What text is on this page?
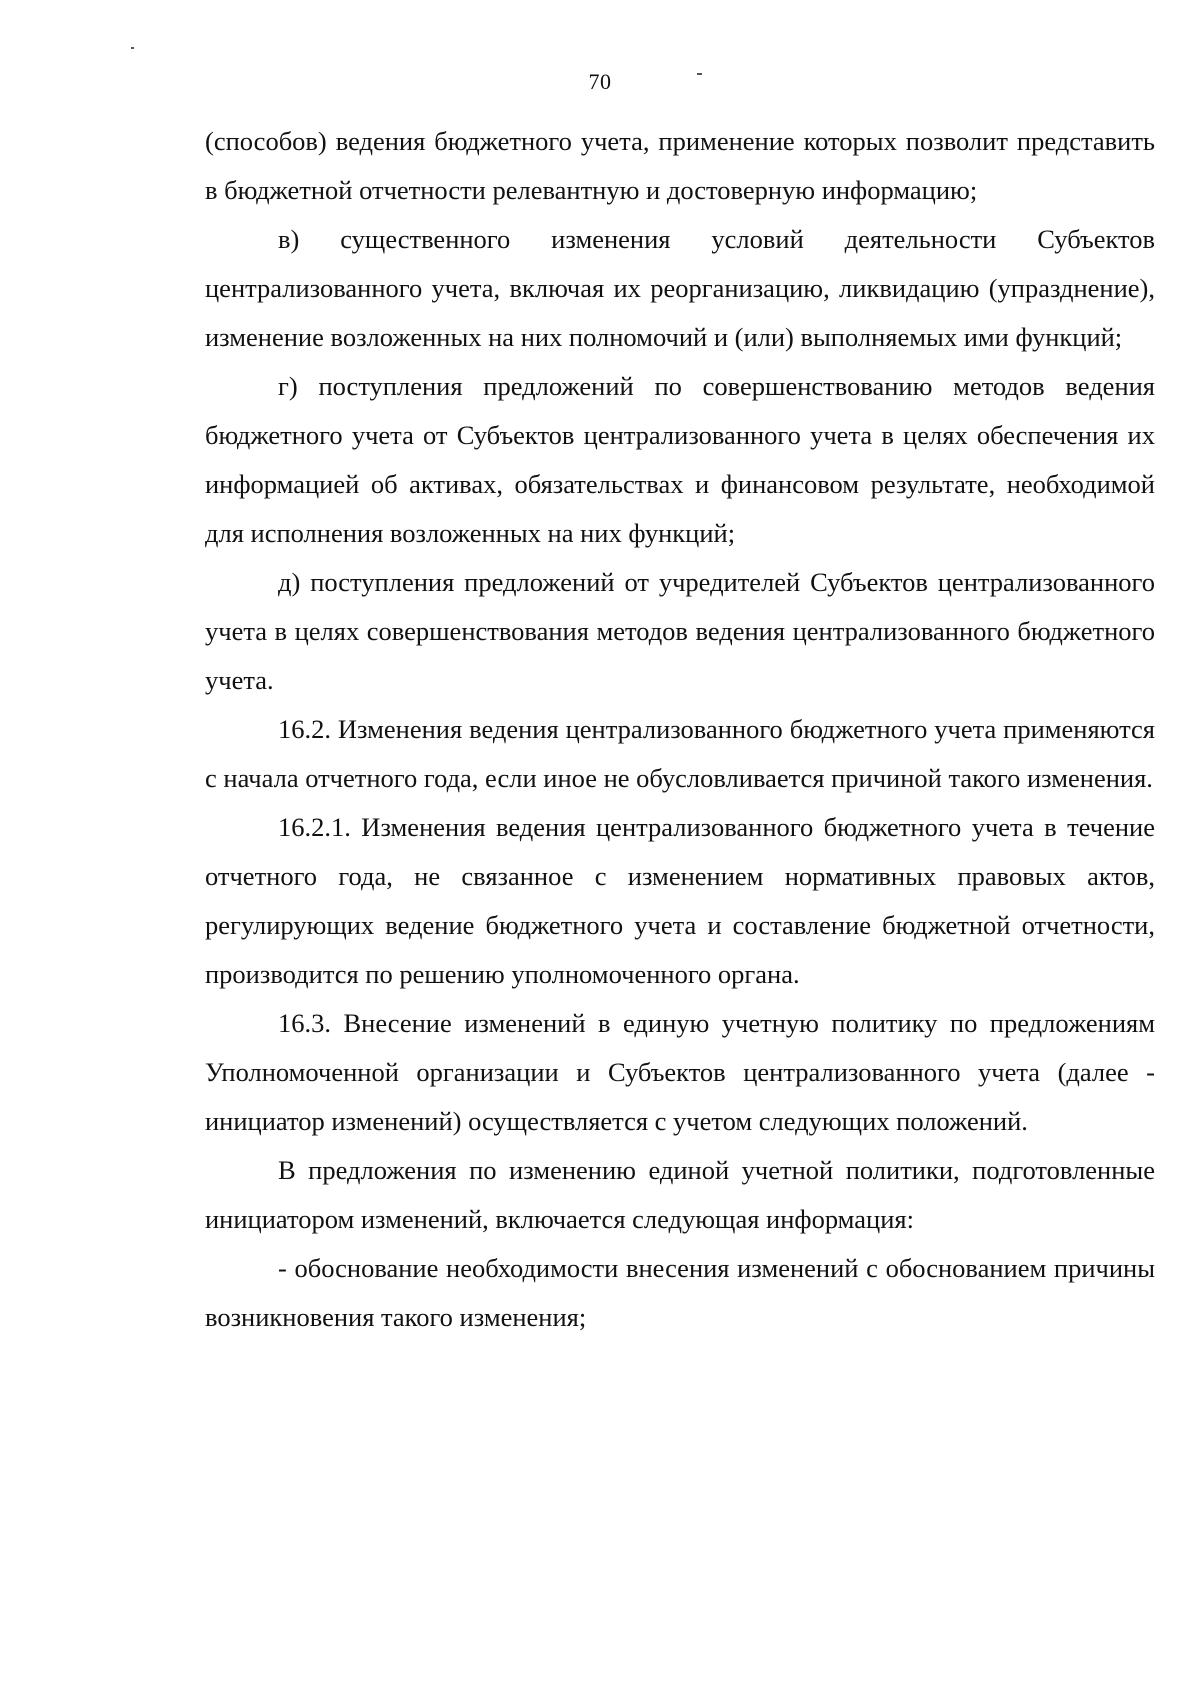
70

(способов) ведения бюджетного учета, применение которых позволит представить в бюджетной отчетности релевантную и достоверную информацию;

в) существенного изменения условий деятельности Субъектов централизованного учета, включая их реорганизацию, ликвидацию (упразднение), изменение возложенных на них полномочий и (или) выполняемых ими функций;

г) поступления предложений по совершенствованию методов ведения бюджетного учета от Субъектов централизованного учета в целях обеспечения их информацией об активах, обязательствах и финансовом результате, необходимой для исполнения возложенных на них функций;

д) поступления предложений от учредителей Субъектов централизованного учета в целях совершенствования методов ведения централизованного бюджетного учета.

16.2. Изменения ведения централизованного бюджетного учета применяются с начала отчетного года, если иное не обусловливается причиной такого изменения.

16.2.1. Изменения ведения централизованного бюджетного учета в течение отчетного года, не связанное с изменением нормативных правовых актов, регулирующих ведение бюджетного учета и составление бюджетной отчетности, производится по решению уполномоченного органа.

16.3. Внесение изменений в единую учетную политику по предложениям Уполномоченной организации и Субъектов централизованного учета (далее - инициатор изменений) осуществляется с учетом следующих положений.

В предложения по изменению единой учетной политики, подготовленные инициатором изменений, включается следующая информация:

- обоснование необходимости внесения изменений с обоснованием причины возникновения такого изменения;
